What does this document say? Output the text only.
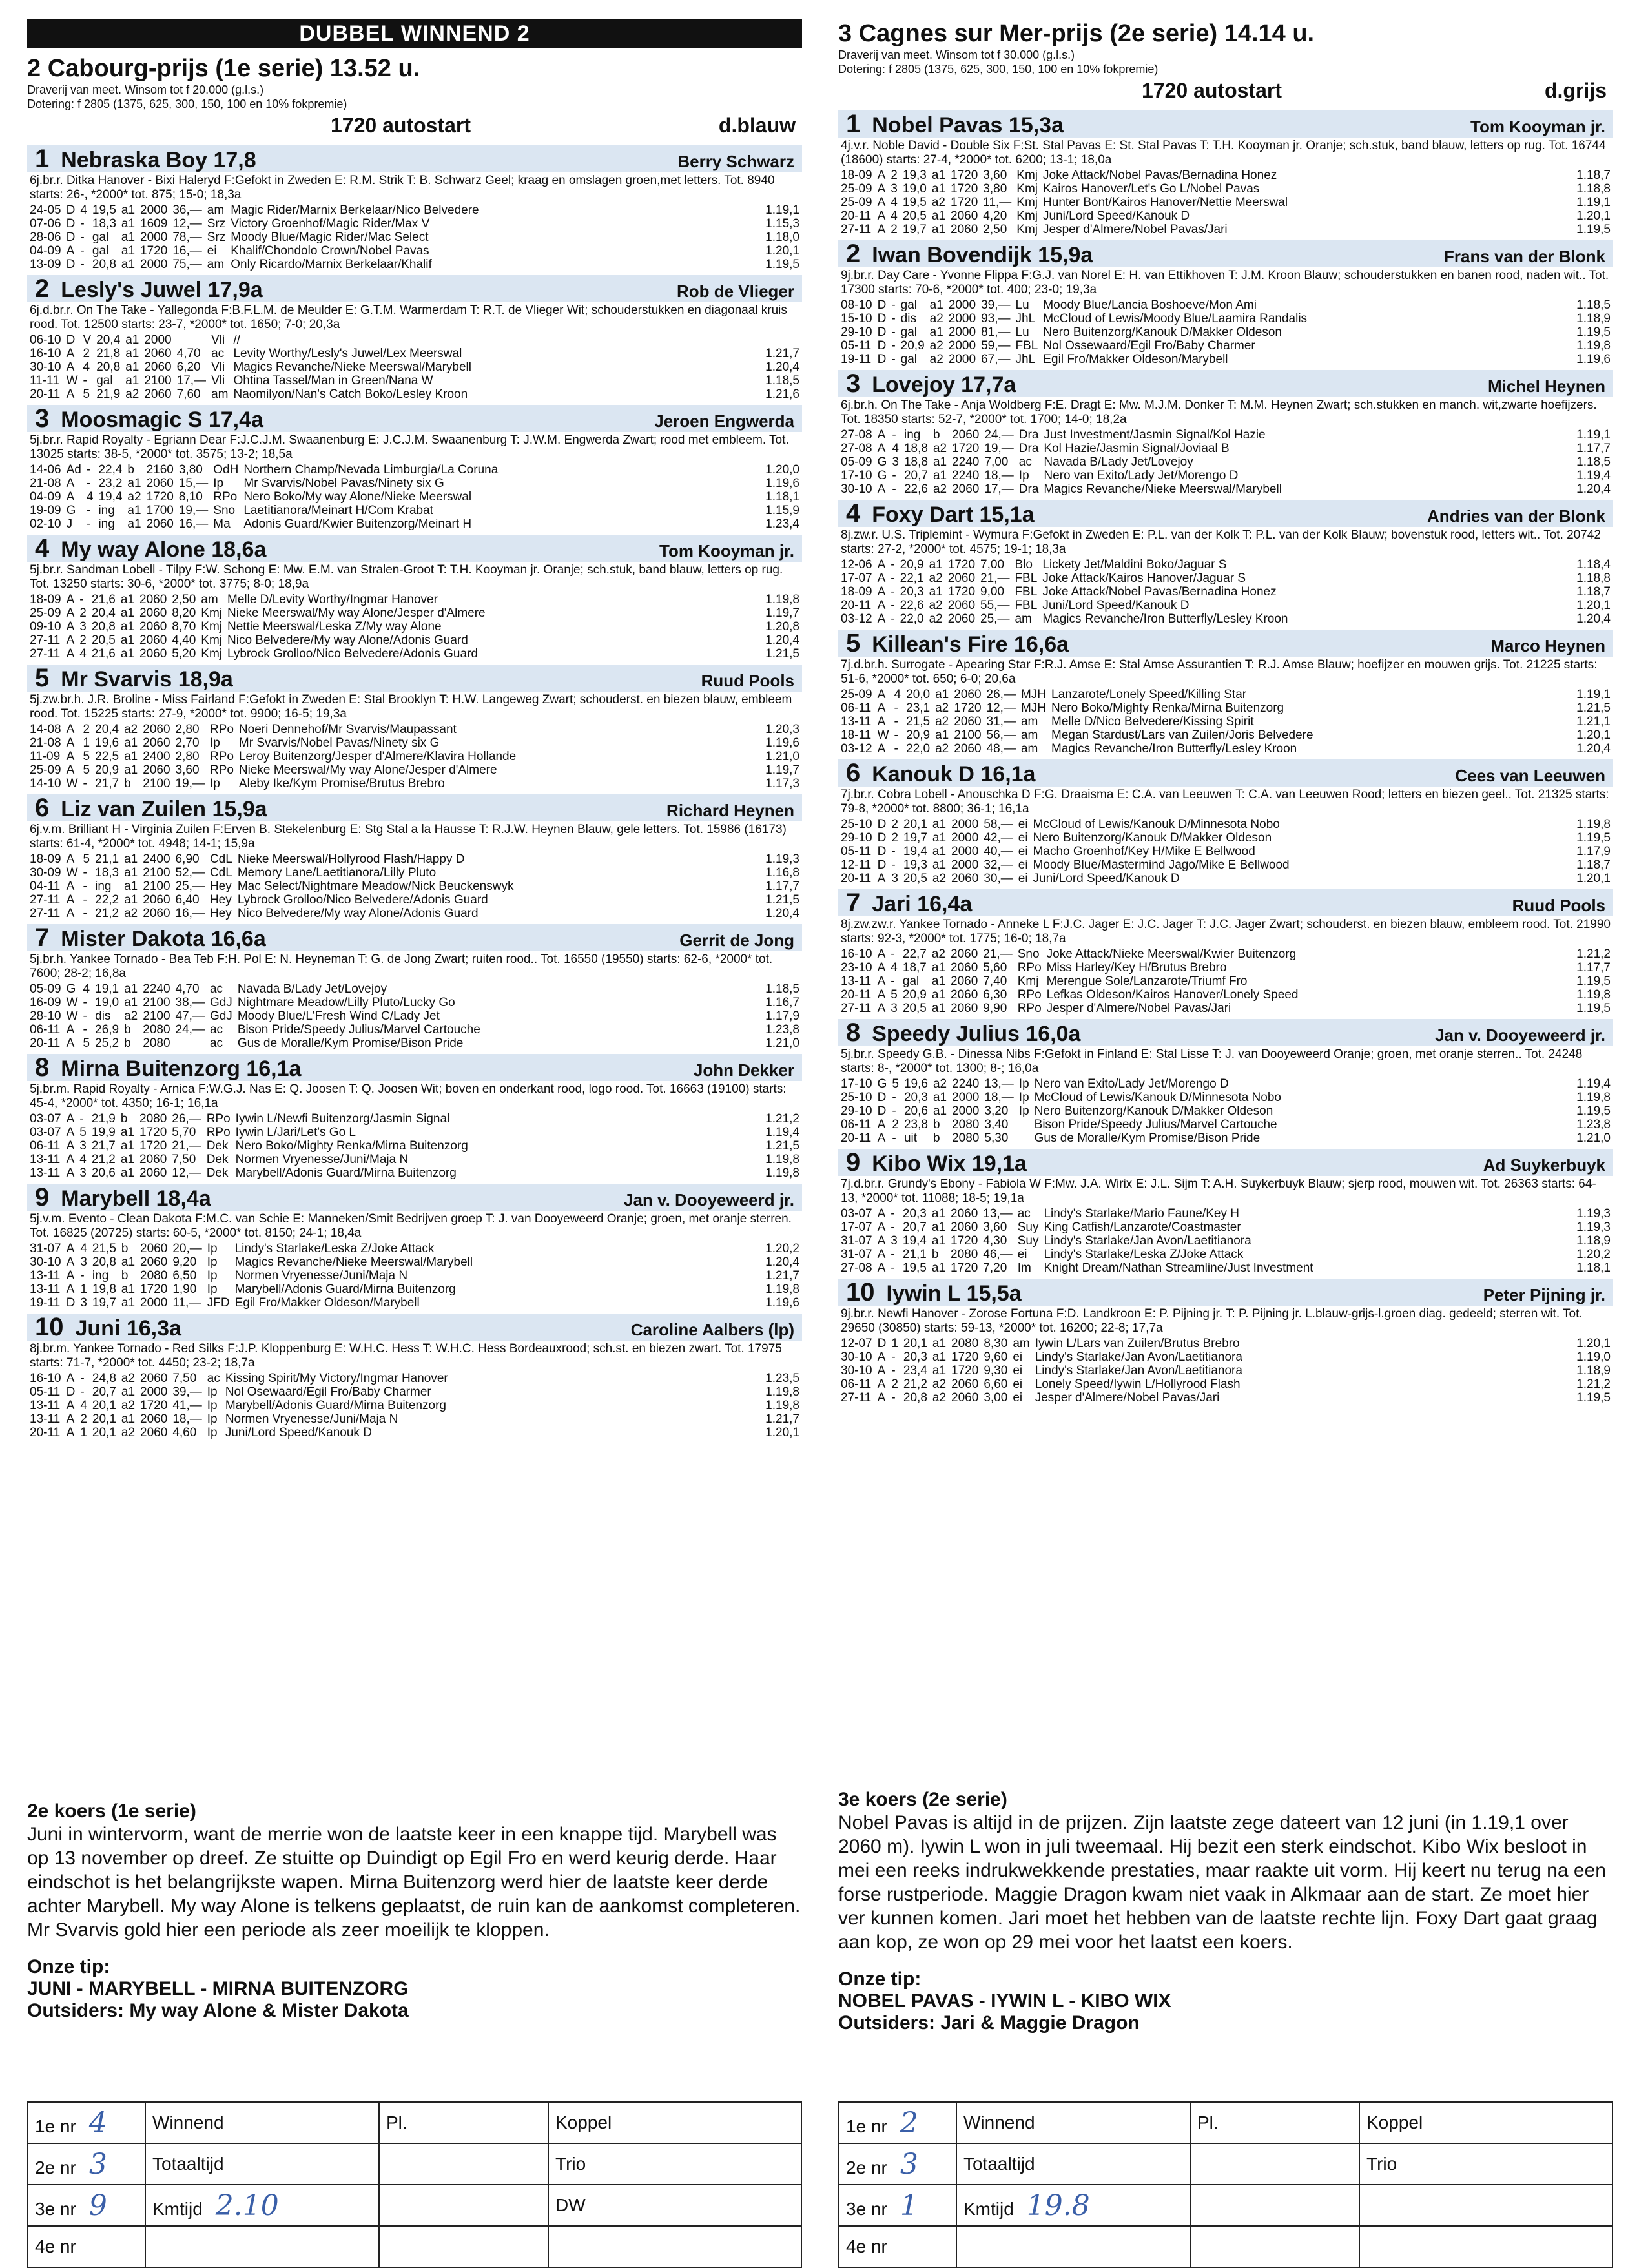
DUBBEL WINNEND 2
2 Cabourg-prijs (1e serie) 13.52 u.
Draverij van meet. Winsom tot f 20.000 (g.l.s.)
Dotering: f 2805 (1375, 625, 300, 150, 100 en 10% fokpremie)
1720 autostart	d.blauw
1 Nebraska Boy 17,8	Berry Schwarz
6j.br.r. Ditka Hanover - Bixi Haleryd F:Gefokt in Zweden E: R.M. Strik T: B. Schwarz Geel; kraag en omslagen groen,met letters. Tot. 8940 starts: 26-, *2000* tot. 875; 15-0; 18,3a
24-05	D	4	19,5	a1	2000	36,—	am	Magic Rider/Marnix Berkelaar/Nico Belvedere	1.19,1
07-06	D	-	18,3	a1	1609	12,—	Srz	Victory Groenhof/Magic Rider/Max V	1.15,3
28-06	D	-	gal	a1	2000	78,—	Srz	Moody Blue/Magic Rider/Mac Select	1.18,0
04-09	A	-	gal	a1	1720	16,—	ei	Khalif/Chondolo Crown/Nobel Pavas	1.20,1
13-09	D	-	20,8	a1	2000	75,—	am	Only Ricardo/Marnix Berkelaar/Khalif	1.19,5
2 Lesly's Juwel 17,9a	Rob de Vlieger
6j.d.br.r. On The Take - Yallegonda F:B.F.L.M. de Meulder E: G.T.M. Warmerdam T: R.T. de Vlieger Wit; schouderstukken en diagonaal kruis rood. Tot. 12500 starts: 23-7, *2000* tot. 1650; 7-0; 20,3a
06-10	D	V	20,4	a1	2000		Vli	//	
16-10	A	2	21,8	a1	2060	4,70	ac	Levity Worthy/Lesly's Juwel/Lex Meerswal	1.21,7
30-10	A	4	20,8	a1	2060	6,20	Vli	Magics Revanche/Nieke Meerswal/Marybell	1.20,4
11-11	W	-	gal	a1	2100	17,—	Vli	Ohtina Tassel/Man in Green/Nana W	1.18,5
20-11	A	5	21,9	a2	2060	7,60	am	Naomilyon/Nan's Catch Boko/Lesley Kroon	1.21,6
3 Moosmagic S 17,4a	Jeroen Engwerda
5j.br.r. Rapid Royalty - Egriann Dear F:J.C.J.M. Swaanenburg E: J.C.J.M. Swaanenburg T: J.W.M. Engwerda Zwart; rood met embleem. Tot. 13025 starts: 38-5, *2000* tot. 3575; 13-2; 18,5a
14-06	Ad	-	22,4	b	2160	3,80	OdH	Northern Champ/Nevada Limburgia/La Coruna	1.20,0
21-08	A	-	23,2	a1	2060	15,—	Ip	Mr Svarvis/Nobel Pavas/Ninety six G	1.19,6
04-09	A	4	19,4	a2	1720	8,10	RPo	Nero Boko/My way Alone/Nieke Meerswal	1.18,1
19-09	G	-	ing	a1	1700	19,—	Sno	Laetitianora/Meinart H/Com Krabat	1.15,9
02-10	J	-	ing	a1	2060	16,—	Ma	Adonis Guard/Kwier Buitenzorg/Meinart H	1.23,4
4 My way Alone 18,6a	Tom Kooyman jr.
5j.br.r. Sandman Lobell - Tilpy F:W. Schong E: Mw. E.M. van Stralen-Groot T: T.H. Kooyman jr. Oranje; sch.stuk, band blauw, letters op rug. Tot. 13250 starts: 30-6, *2000* tot. 3775; 8-0; 18,9a
18-09	A	-	21,6	a1	2060	2,50	am	Melle D/Levity Worthy/Ingmar Hanover	1.19,8
25-09	A	2	20,4	a1	2060	8,20	Kmj	Nieke Meerswal/My way Alone/Jesper d'Almere	1.19,7
09-10	A	3	20,8	a1	2060	8,70	Kmj	Nettie Meerswal/Leska Z/My way Alone	1.20,8
27-11	A	2	20,5	a1	2060	4,40	Kmj	Nico Belvedere/My way Alone/Adonis Guard	1.20,4
27-11	A	4	21,6	a1	2060	5,20	Kmj	Lybrock Grolloo/Nico Belvedere/Adonis Guard	1.21,5
5 Mr Svarvis 18,9a	Ruud Pools
5j.zw.br.h. J.R. Broline - Miss Fairland F:Gefokt in Zweden E: Stal Brooklyn T: H.W. Langeweg Zwart; schouderst. en biezen blauw, embleem rood. Tot. 15225 starts: 27-9, *2000* tot. 9900; 16-5; 19,3a
14-08	A	2	20,4	a2	2060	2,80	RPo	Noeri Dennehof/Mr Svarvis/Maupassant	1.20,3
21-08	A	1	19,6	a1	2060	2,70	Ip	Mr Svarvis/Nobel Pavas/Ninety six G	1.19,6
11-09	A	5	22,5	a1	2400	2,80	RPo	Leroy Buitenzorg/Jesper d'Almere/Klavira Hollande	1.21,0
25-09	A	5	20,9	a1	2060	3,60	RPo	Nieke Meerswal/My way Alone/Jesper d'Almere	1.19,7
14-10	W	-	21,7	b	2100	19,—	Ip	Aleby Ike/Kym Promise/Brutus Brebro	1.17,3
6 Liz van Zuilen 15,9a	Richard Heynen
6j.v.m. Brilliant H - Virginia Zuilen F:Erven B. Stekelenburg E: Stg Stal a la Hausse T: R.J.W. Heynen Blauw, gele letters. Tot. 15986 (16173) starts: 61-4, *2000* tot. 4948; 14-1; 15,9a
18-09	A	5	21,1	a1	2400	6,90	CdL	Nieke Meerswal/Hollyrood Flash/Happy D	1.19,3
30-09	W	-	18,3	a1	2100	52,—	CdL	Memory Lane/Laetitianora/Lilly Pluto	1.16,8
04-11	A	-	ing	a1	2100	25,—	Hey	Mac Select/Nightmare Meadow/Nick Beuckenswyk	1.17,7
27-11	A	-	22,2	a1	2060	6,40	Hey	Lybrock Grolloo/Nico Belvedere/Adonis Guard	1.21,5
27-11	A	-	21,2	a2	2060	16,—	Hey	Nico Belvedere/My way Alone/Adonis Guard	1.20,4
7 Mister Dakota 16,6a	Gerrit de Jong
5j.br.h. Yankee Tornado - Bea Teb F:H. Pol E: N. Heyneman T: G. de Jong Zwart; ruiten rood.. Tot. 16550 (19550) starts: 62-6, *2000* tot. 7600; 28-2; 16,8a
05-09	G	4	19,1	a1	2240	4,70	ac	Navada B/Lady Jet/Lovejoy	1.18,5
16-09	W	-	19,0	a1	2100	38,—	GdJ	Nightmare Meadow/Lilly Pluto/Lucky Go	1.16,7
28-10	W	-	dis	a2	2100	47,—	GdJ	Moody Blue/L'Fresh Wind C/Lady Jet	1.17,9
06-11	A	-	26,9	b	2080	24,—	ac	Bison Pride/Speedy Julius/Marvel Cartouche	1.23,8
20-11	A	5	25,2	b	2080		ac	Gus de Moralle/Kym Promise/Bison Pride	1.21,0
8 Mirna Buitenzorg 16,1a	John Dekker
5j.br.m. Rapid Royalty - Arnica F:W.G.J. Nas E: Q. Joosen T: Q. Joosen Wit; boven en onderkant rood, logo rood. Tot. 16663 (19100) starts: 45-4, *2000* tot. 4350; 16-1; 16,1a
03-07	A	-	21,9	b	2080	26,—	RPo	Iywin L/Newfi Buitenzorg/Jasmin Signal	1.21,2
03-07	A	5	19,9	a1	1720	5,70	RPo	Iywin L/Jari/Let's Go L	1.19,4
06-11	A	3	21,7	a1	1720	21,—	Dek	Nero Boko/Mighty Renka/Mirna Buitenzorg	1.21,5
13-11	A	4	21,2	a1	2060	7,50	Dek	Normen Vryenesse/Juni/Maja N	1.19,8
13-11	A	3	20,6	a1	2060	12,—	Dek	Marybell/Adonis Guard/Mirna Buitenzorg	1.19,8
9 Marybell 18,4a	Jan v. Dooyeweerd jr.
5j.v.m. Evento - Clean Dakota F:M.C. van Schie E: Manneken/Smit Bedrijven groep T: J. van Dooyeweerd Oranje; groen, met oranje sterren. Tot. 16825 (20725) starts: 60-5, *2000* tot. 8150; 24-1; 18,4a
31-07	A	4	21,5	b	2060	20,—	Ip	Lindy's Starlake/Leska Z/Joke Attack	1.20,2
30-10	A	3	20,8	a1	2060	9,20	Ip	Magics Revanche/Nieke Meerswal/Marybell	1.20,4
13-11	A	-	ing	b	2080	6,50	Ip	Normen Vryenesse/Juni/Maja N	1.21,7
13-11	A	1	19,8	a1	1720	1,90	Ip	Marybell/Adonis Guard/Mirna Buitenzorg	1.19,8
19-11	D	3	19,7	a1	2000	11,—	JFD	Egil Fro/Makker Oldeson/Marybell	1.19,6
10 Juni 16,3a	Caroline Aalbers (lp)
8j.br.m. Yankee Tornado - Red Silks F:J.P. Kloppenburg E: W.H.C. Hess T: W.H.C. Hess Bordeauxrood; sch.st. en biezen zwart. Tot. 17975 starts: 71-7, *2000* tot. 4450; 23-2; 18,7a
16-10	A	-	24,8	a2	2060	7,50	ac	Kissing Spirit/My Victory/Ingmar Hanover	1.23,5
05-11	D	-	20,7	a1	2000	39,—	Ip	Nol Osewaard/Egil Fro/Baby Charmer	1.19,8
13-11	A	4	20,1	a2	1720	41,—	Ip	Marybell/Adonis Guard/Mirna Buitenzorg	1.19,8
13-11	A	2	20,1	a1	2060	18,—	Ip	Normen Vryenesse/Juni/Maja N	1.21,7
20-11	A	1	20,1	a2	2060	4,60	Ip	Juni/Lord Speed/Kanouk D	1.20,1
3 Cagnes sur Mer-prijs (2e serie) 14.14 u.
Draverij van meet. Winsom tot f 30.000 (g.l.s.)
Dotering: f 2805 (1375, 625, 300, 150, 100 en 10% fokpremie)
1720 autostart	d.grijs
1 Nobel Pavas 15,3a	Tom Kooyman jr.
4j.v.r. Noble David - Double Six F:St. Stal Pavas E: St. Stal Pavas T: T.H. Kooyman jr. Oranje; sch.stuk, band blauw, letters op rug. Tot. 16744 (18600) starts: 27-4, *2000* tot. 6200; 13-1; 18,0a
18-09	A	2	19,3	a1	1720	3,60	Kmj	Joke Attack/Nobel Pavas/Bernadina Honez	1.18,7
25-09	A	3	19,0	a1	1720	3,80	Kmj	Kairos Hanover/Let's Go L/Nobel Pavas	1.18,8
25-09	A	4	19,5	a2	1720	11,—	Kmj	Hunter Bont/Kairos Hanover/Nettie Meerswal	1.19,1
20-11	A	4	20,5	a1	2060	4,20	Kmj	Juni/Lord Speed/Kanouk D	1.20,1
27-11	A	2	19,7	a1	2060	2,50	Kmj	Jesper d'Almere/Nobel Pavas/Jari	1.19,5
2 Iwan Bovendijk 15,9a	Frans van der Blonk
9j.br.r. Day Care - Yvonne Flippa F:G.J. van Norel E: H. van Ettikhoven T: J.M. Kroon Blauw; schouderstukken en banen rood, naden wit.. Tot. 17300 starts: 70-6, *2000* tot. 400; 23-0; 19,3a
08-10	D	-	gal	a1	2000	39,—	Lu	Moody Blue/Lancia Boshoeve/Mon Ami	1.18,5
15-10	D	-	dis	a2	2000	93,—	JhL	McCloud of Lewis/Moody Blue/Laamira Randalis	1.18,9
29-10	D	-	gal	a1	2000	81,—	Lu	Nero Buitenzorg/Kanouk D/Makker Oldeson	1.19,5
05-11	D	-	20,9	a2	2000	59,—	FBL	Nol Ossewaard/Egil Fro/Baby Charmer	1.19,8
19-11	D	-	gal	a2	2000	67,—	JhL	Egil Fro/Makker Oldeson/Marybell	1.19,6
3 Lovejoy 17,7a	Michel Heynen
6j.br.h. On The Take - Anja Woldberg F:E. Dragt E: Mw. M.J.M. Donker T: M.M. Heynen Zwart; sch.stukken en manch. wit,zwarte hoefijzers. Tot. 18350 starts: 52-7, *2000* tot. 1700; 14-0; 18,2a
27-08	A	-	ing	b	2060	24,—	Dra	Just Investment/Jasmin Signal/Kol Hazie	1.19,1
27-08	A	4	18,8	a2	1720	19,—	Dra	Kol Hazie/Jasmin Signal/Joviaal B	1.17,7
05-09	G	3	18,8	a1	2240	7,00	ac	Navada B/Lady Jet/Lovejoy	1.18,5
17-10	G	-	20,7	a1	2240	18,—	Ip	Nero van Exito/Lady Jet/Morengo D	1.19,4
30-10	A	-	22,6	a2	2060	17,—	Dra	Magics Revanche/Nieke Meerswal/Marybell	1.20,4
4 Foxy Dart 15,1a	Andries van der Blonk
8j.zw.r. U.S. Triplemint - Wymura F:Gefokt in Zweden E: P.L. van der Kolk T: P.L. van der Kolk Blauw; bovenstuk rood, letters wit.. Tot. 20742 starts: 27-2, *2000* tot. 4575; 19-1; 18,3a
12-06	A	-	20,9	a1	1720	7,00	Blo	Lickety Jet/Maldini Boko/Jaguar S	1.18,4
17-07	A	-	22,1	a2	2060	21,—	FBL	Joke Attack/Kairos Hanover/Jaguar S	1.18,8
18-09	A	-	20,3	a1	1720	9,00	FBL	Joke Attack/Nobel Pavas/Bernadina Honez	1.18,7
20-11	A	-	22,6	a2	2060	55,—	FBL	Juni/Lord Speed/Kanouk D	1.20,1
03-12	A	-	22,0	a2	2060	25,—	am	Magics Revanche/Iron Butterfly/Lesley Kroon	1.20,4
5 Killean's Fire 16,6a	Marco Heynen
7j.d.br.h. Surrogate - Apearing Star F:R.J. Amse E: Stal Amse Assurantien T: R.J. Amse Blauw; hoefijzer en mouwen grijs. Tot. 21225 starts: 51-6, *2000* tot. 650; 6-0; 20,6a
25-09	A	4	20,0	a1	2060	26,—	MJH	Lanzarote/Lonely Speed/Killing Star	1.19,1
06-11	A	-	23,1	a2	1720	12,—	MJH	Nero Boko/Mighty Renka/Mirna Buitenzorg	1.21,5
13-11	A	-	21,5	a2	2060	31,—	am	Melle D/Nico Belvedere/Kissing Spirit	1.21,1
18-11	W	-	20,9	a1	2100	56,—	am	Megan Stardust/Lars van Zuilen/Joris Belvedere	1.20,1
03-12	A	-	22,0	a2	2060	48,—	am	Magics Revanche/Iron Butterfly/Lesley Kroon	1.20,4
6 Kanouk D 16,1a	Cees van Leeuwen
7j.br.r. Cobra Lobell - Anouschka D F:G. Draaisma E: C.A. van Leeuwen T: C.A. van Leeuwen Rood; letters en biezen geel.. Tot. 21325 starts: 79-8, *2000* tot. 8800; 36-1; 16,1a
25-10	D	2	20,1	a1	2000	58,—	ei	McCloud of Lewis/Kanouk D/Minnesota Nobo	1.19,8
29-10	D	2	19,7	a1	2000	42,—	ei	Nero Buitenzorg/Kanouk D/Makker Oldeson	1.19,5
05-11	D	-	19,4	a1	2000	40,—	ei	Macho Groenhof/Key H/Mike E Bellwood	1.17,9
12-11	D	-	19,3	a1	2000	32,—	ei	Moody Blue/Mastermind Jago/Mike E Bellwood	1.18,7
20-11	A	3	20,5	a2	2060	30,—	ei	Juni/Lord Speed/Kanouk D	1.20,1
7 Jari 16,4a	Ruud Pools
8j.zw.zw.r. Yankee Tornado - Anneke L F:J.C. Jager E: J.C. Jager T: J.C. Jager Zwart; schouderst. en biezen blauw, embleem rood. Tot. 21990 starts: 92-3, *2000* tot. 1775; 16-0; 18,7a
16-10	A	-	22,7	a2	2060	21,—	Sno	Joke Attack/Nieke Meerswal/Kwier Buitenzorg	1.21,2
23-10	A	4	18,7	a1	2060	5,60	RPo	Miss Harley/Key H/Brutus Brebro	1.17,7
13-11	A	-	gal	a1	2060	7,40	Kmj	Merengue Sole/Lanzarote/Triumf Fro	1.19,5
20-11	A	5	20,9	a1	2060	6,30	RPo	Lefkas Oldeson/Kairos Hanover/Lonely Speed	1.19,8
27-11	A	3	20,5	a1	2060	9,90	RPo	Jesper d'Almere/Nobel Pavas/Jari	1.19,5
8 Speedy Julius 16,0a	Jan v. Dooyeweerd jr.
5j.br.r. Speedy G.B. - Dinessa Nibs F:Gefokt in Finland E: Stal Lisse T: J. van Dooyeweerd Oranje; groen, met oranje sterren.. Tot. 24248 starts: 8-, *2000* tot. 1300; 8-; 16,0a
17-10	G	5	19,6	a2	2240	13,—	Ip	Nero van Exito/Lady Jet/Morengo D	1.19,4
25-10	D	-	20,3	a1	2000	18,—	Ip	McCloud of Lewis/Kanouk D/Minnesota Nobo	1.19,8
29-10	D	-	20,6	a1	2000	3,20	Ip	Nero Buitenzorg/Kanouk D/Makker Oldeson	1.19,5
06-11	A	2	23,8	b	2080	3,40		Bison Pride/Speedy Julius/Marvel Cartouche	1.23,8
20-11	A	-	uit	b	2080	5,30		Gus de Moralle/Kym Promise/Bison Pride	1.21,0
9 Kibo Wix 19,1a	Ad Suykerbuyk
7j.d.br.r. Grundy's Ebony - Fabiola W F:Mw. J.A. Wirix E: J.L. Sijm T: A.H. Suykerbuyk Blauw; sjerp rood, mouwen wit. Tot. 26363 starts: 64-13, *2000* tot. 11088; 18-5; 19,1a
03-07	A	-	20,3	a1	2060	13,—	ac	Lindy's Starlake/Mario Faune/Key H	1.19,3
17-07	A	-	20,7	a1	2060	3,60	Suy	King Catfish/Lanzarote/Coastmaster	1.19,3
31-07	A	3	19,4	a1	1720	4,30	Suy	Lindy's Starlake/Jan Avon/Laetitianora	1.18,9
31-07	A	-	21,1	b	2080	46,—	ei	Lindy's Starlake/Leska Z/Joke Attack	1.20,2
27-08	A	-	19,5	a1	1720	7,20	Im	Knight Dream/Nathan Streamline/Just Investment	1.18,1
10 Iywin L 15,5a	Peter Pijning jr.
9j.br.r. Newfi Hanover - Zorose Fortuna F:D. Landkroon E: P. Pijning jr. T: P. Pijning jr. L.blauw-grijs-l.groen diag. gedeeld; sterren wit. Tot. 29650 (30850) starts: 59-13, *2000* tot. 16200; 22-8; 17,7a
12-07	D	1	20,1	a1	2080	8,30	am	Iywin L/Lars van Zuilen/Brutus Brebro	1.20,1
30-10	A	-	20,3	a1	1720	9,60	ei	Lindy's Starlake/Jan Avon/Laetitianora	1.19,0
30-10	A	-	23,4	a1	1720	9,30	ei	Lindy's Starlake/Jan Avon/Laetitianora	1.18,9
06-11	A	2	21,2	a2	2060	6,60	ei	Lonely Speed/Iywin L/Hollyrood Flash	1.21,2
27-11	A	-	20,8	a2	2060	3,00	ei	Jesper d'Almere/Nobel Pavas/Jari	1.19,5
2e koers (1e serie)
Juni in wintervorm, want de merrie won de laatste keer in een knappe tijd. Marybell was op 13 november op dreef. Ze stuitte op Duindigt op Egil Fro en werd keurig derde. Haar eindschot is het belangrijkste wapen. Mirna Buitenzorg werd hier de laatste keer derde achter Marybell. My way Alone is telkens geplaatst, de ruin kan de aankomst completeren. Mr Svarvis gold hier een periode als zeer moeilijk te kloppen.
Onze tip:
JUNI - MARYBELL - MIRNA BUITENZORG
Outsiders: My way Alone & Mister Dakota
3e koers (2e serie)
Nobel Pavas is altijd in de prijzen. Zijn laatste zege dateert van 12 juni (in 1.19,1 over 2060 m). Iywin L won in juli tweemaal. Hij bezit een sterk eindschot. Kibo Wix besloot in mei een reeks indrukwekkende prestaties, maar raakte uit vorm. Hij keert nu terug na een forse rustperiode. Maggie Dragon kwam niet vaak in Alkmaar aan de start. Ze moet hier ver kunnen komen. Jari moet het hebben van de laatste rechte lijn. Foxy Dart gaat graag aan kop, ze won op 29 mei voor het laatst een koers.
Onze tip:
NOBEL PAVAS - IYWIN L - KIBO WIX
Outsiders: Jari & Maggie Dragon
1e nr 4	Winnend	Pl.	Koppel
2e nr 3	Totaaltijd		Trio
3e nr 9	Kmtijd 2.10		DW
4e nr			
1e nr 2	Winnend	Pl.	Koppel
2e nr 3	Totaaltijd		Trio
3e nr 1	Kmtijd 19.8		
4e nr			
